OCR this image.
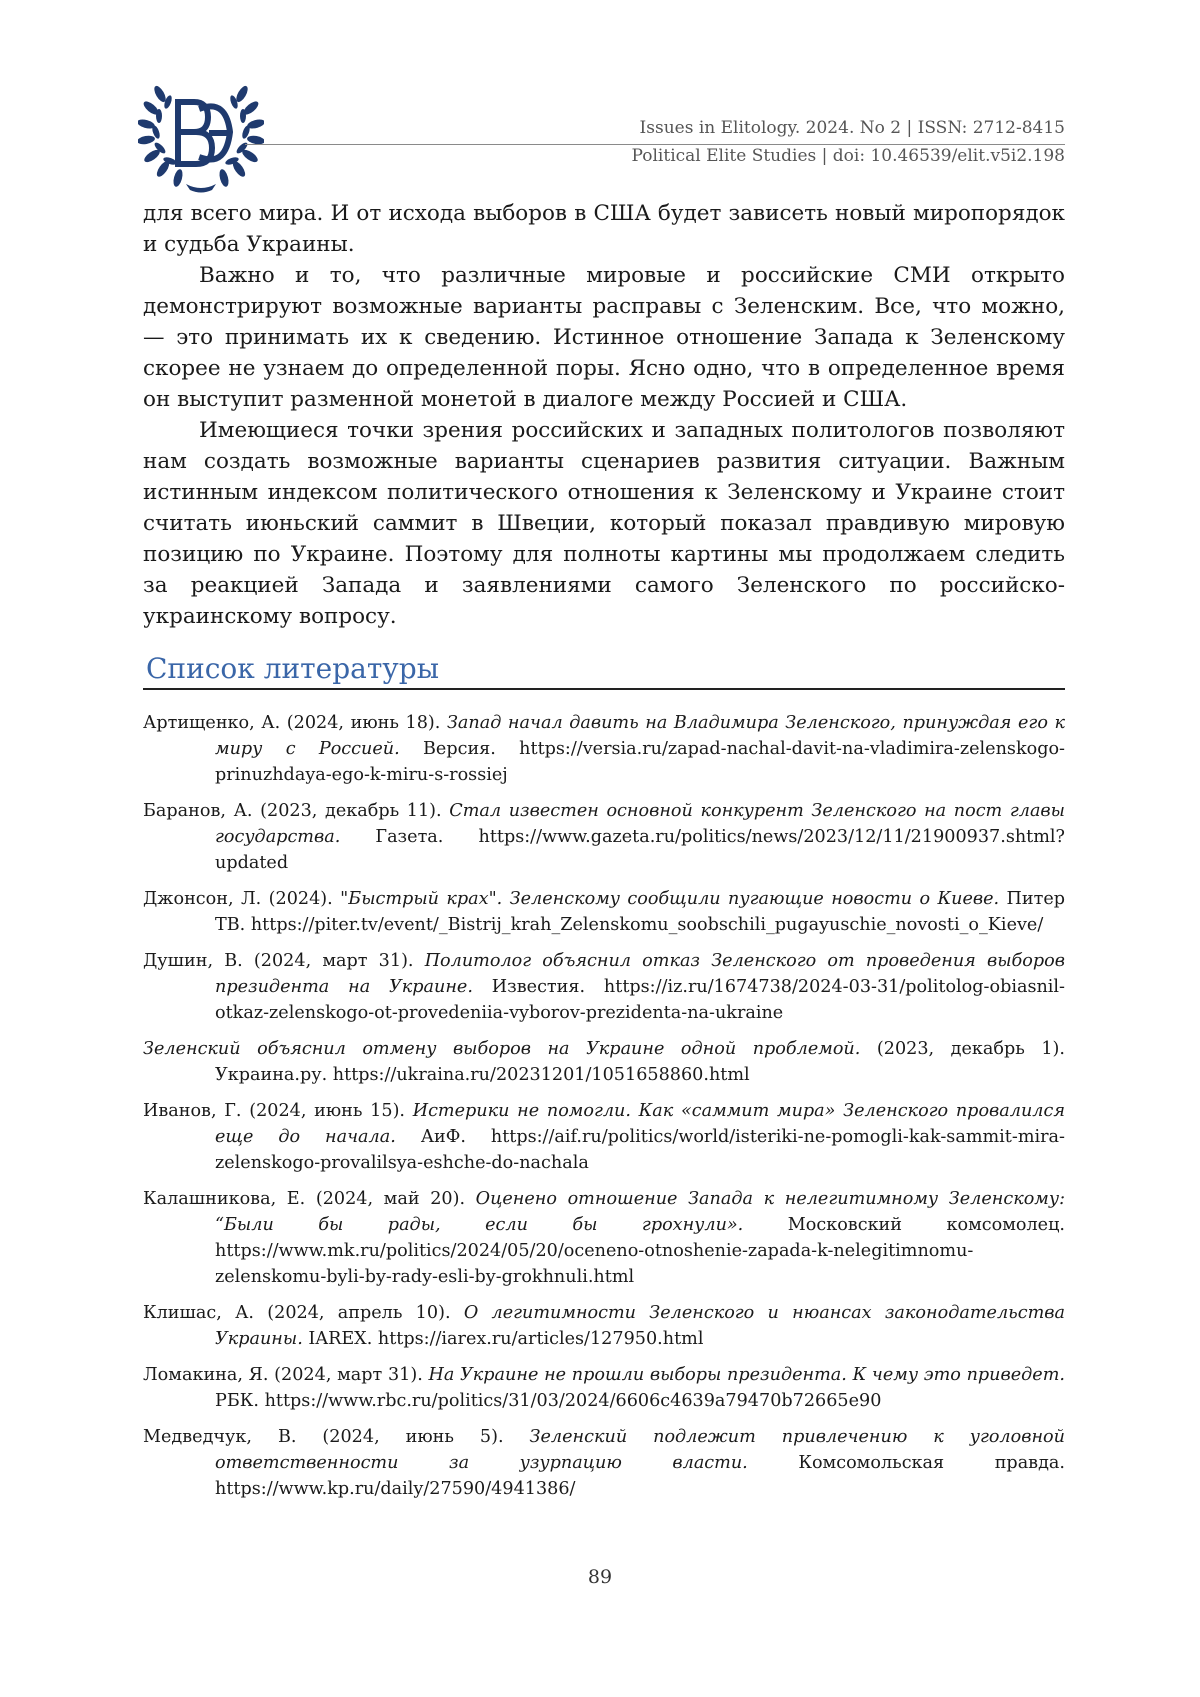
Issues in Elitology. 2024. No 2 | ISSN: 2712-8415
Political Elite Studies | doi: 10.46539/elit.v5i2.198

для всего мира. И от исхода выборов в США будет зависеть новый миропорядок и судьба Украины.

Важно и то, что различные мировые и российские СМИ открыто демонстрируют возможные варианты расправы с Зеленским. Все, что можно, — это принимать их к сведению. Истинное отношение Запада к Зеленскому скорее не узнаем до определенной поры. Ясно одно, что в определенное время он выступит разменной монетой в диалоге между Россией и США.

Имеющиеся точки зрения российских и западных политологов позволяют нам создать возможные варианты сценариев развития ситуации. Важным истинным индексом политического отношения к Зеленскому и Украине стоит считать июньский саммит в Швеции, который показал правдивую мировую позицию по Украине. Поэтому для полноты картины мы продолжаем следить за реакцией Запада и заявлениями самого Зеленского по российско-украинскому вопросу.

Список литературы

Артищенко, А. (2024, июнь 18). Запад начал давить на Владимира Зеленского, принуждая его к миру с Россией. Версия. https://versia.ru/zapad-nachal-davit-na-vladimira-zelenskogo-prinuzhdaya-ego-k-miru-s-rossiej

Баранов, А. (2023, декабрь 11). Стал известен основной конкурент Зеленского на пост главы государства. Газета. https://www.gazeta.ru/politics/news/2023/12/11/21900937.shtml?updated

Джонсон, Л. (2024). "Быстрый крах". Зеленскому сообщили пугающие новости о Киеве. Питер ТВ. https://piter.tv/event/_Bistrij_krah_Zelenskomu_soobschili_pugayuschie_novosti_o_Kieve/

Душин, В. (2024, март 31). Политолог объяснил отказ Зеленского от проведения выборов президента на Украине. Известия. https://iz.ru/1674738/2024-03-31/politolog-obiasnil-otkaz-zelenskogo-ot-provedeniia-vyborov-prezidenta-na-ukraine

Зеленский объяснил отмену выборов на Украине одной проблемой. (2023, декабрь 1). Украина.ру. https://ukraina.ru/20231201/1051658860.html

Иванов, Г. (2024, июнь 15). Истерики не помогли. Как «саммит мира» Зеленского провалился еще до начала. АиФ. https://aif.ru/politics/world/isteriki-ne-pomogli-kak-sammit-mira-zelenskogo-provalilsya-eshche-do-nachala

Калашникова, Е. (2024, май 20). Оценено отношение Запада к нелегитимному Зеленскому: “Были бы рады, если бы грохнули». Московский комсомолец. https://www.mk.ru/politics/2024/05/20/oceneno-otnoshenie-zapada-k-nelegitimnomu-zelenskomu-byli-by-rady-esli-by-grokhnuli.html

Клишас, А. (2024, апрель 10). О легитимности Зеленского и нюансах законодательства Украины. IAREX. https://iarex.ru/articles/127950.html

Ломакина, Я. (2024, март 31). На Украине не прошли выборы президента. К чему это приведет. РБК. https://www.rbc.ru/politics/31/03/2024/6606c4639a79470b72665e90

Медведчук, В. (2024, июнь 5). Зеленский подлежит привлечению к уголовной ответственности за узурпацию власти. Комсомольская правда. https://www.kp.ru/daily/27590/4941386/

89
